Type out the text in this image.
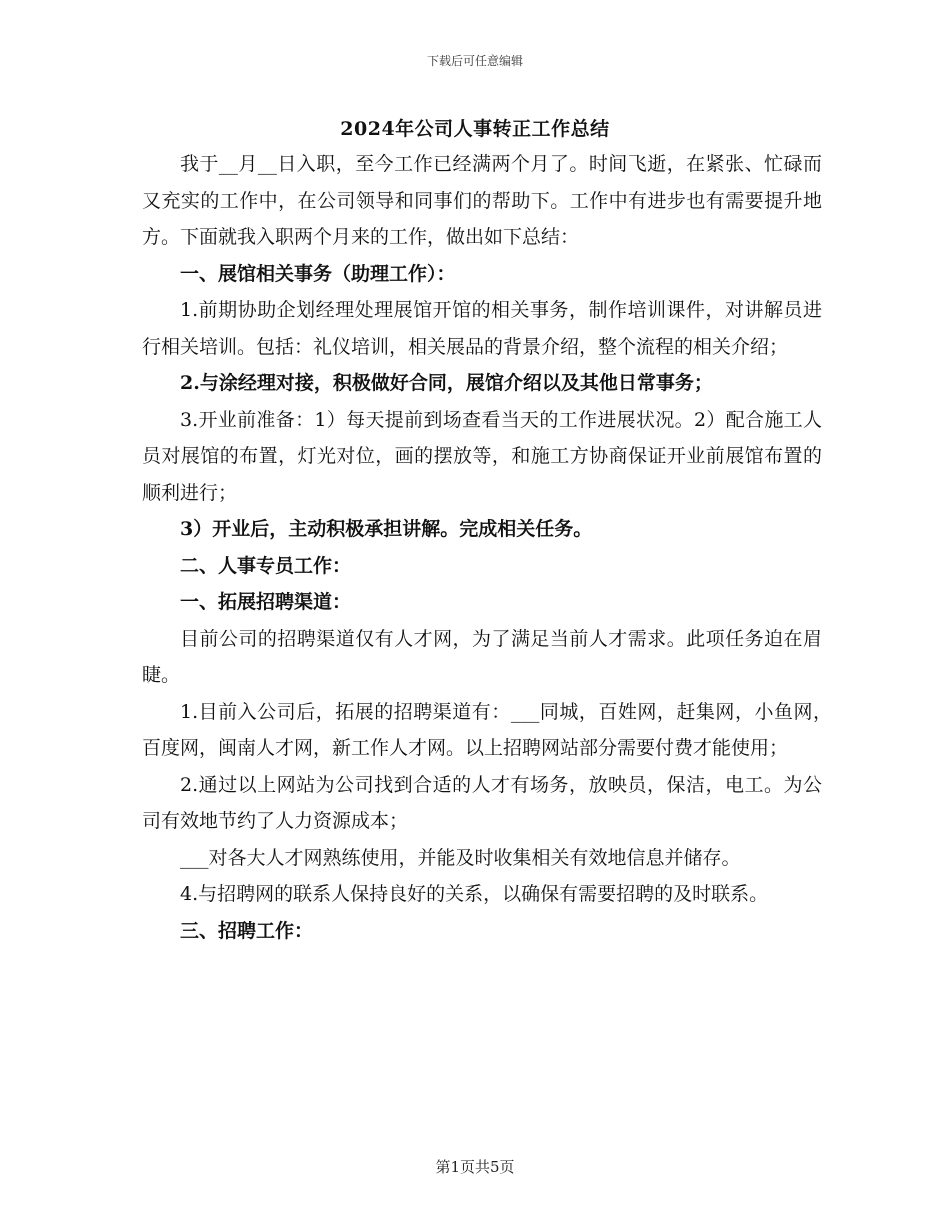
下载后可任意编辑
2024年公司人事转正工作总结

我于__月__日入职，至今工作已经满两个月了。时间飞逝，在紧张、忙碌而又充实的工作中，在公司领导和同事们的帮助下。工作中有进步也有需要提升地方。下面就我入职两个月来的工作，做出如下总结：

一、展馆相关事务（助理工作）：

1.前期协助企划经理处理展馆开馆的相关事务，制作培训课件，对讲解员进行相关培训。包括：礼仪培训，相关展品的背景介绍，整个流程的相关介绍；

2.与涂经理对接，积极做好合同，展馆介绍以及其他日常事务；

3.开业前准备：1）每天提前到场查看当天的工作进展状况。2）配合施工人员对展馆的布置，灯光对位，画的摆放等，和施工方协商保证开业前展馆布置的顺利进行；

3）开业后，主动积极承担讲解。完成相关任务。

二、人事专员工作：

一、拓展招聘渠道：

目前公司的招聘渠道仅有人才网，为了满足当前人才需求。此项任务迫在眉睫。

1.目前入公司后，拓展的招聘渠道有：___同城，百姓网，赶集网，小鱼网，百度网，闽南人才网，新工作人才网。以上招聘网站部分需要付费才能使用；

2.通过以上网站为公司找到合适的人才有场务，放映员，保洁，电工。为公司有效地节约了人力资源成本；

___对各大人才网熟练使用，并能及时收集相关有效地信息并储存。

4.与招聘网的联系人保持良好的关系，以确保有需要招聘的及时联系。

三、招聘工作：

第1页共5页
